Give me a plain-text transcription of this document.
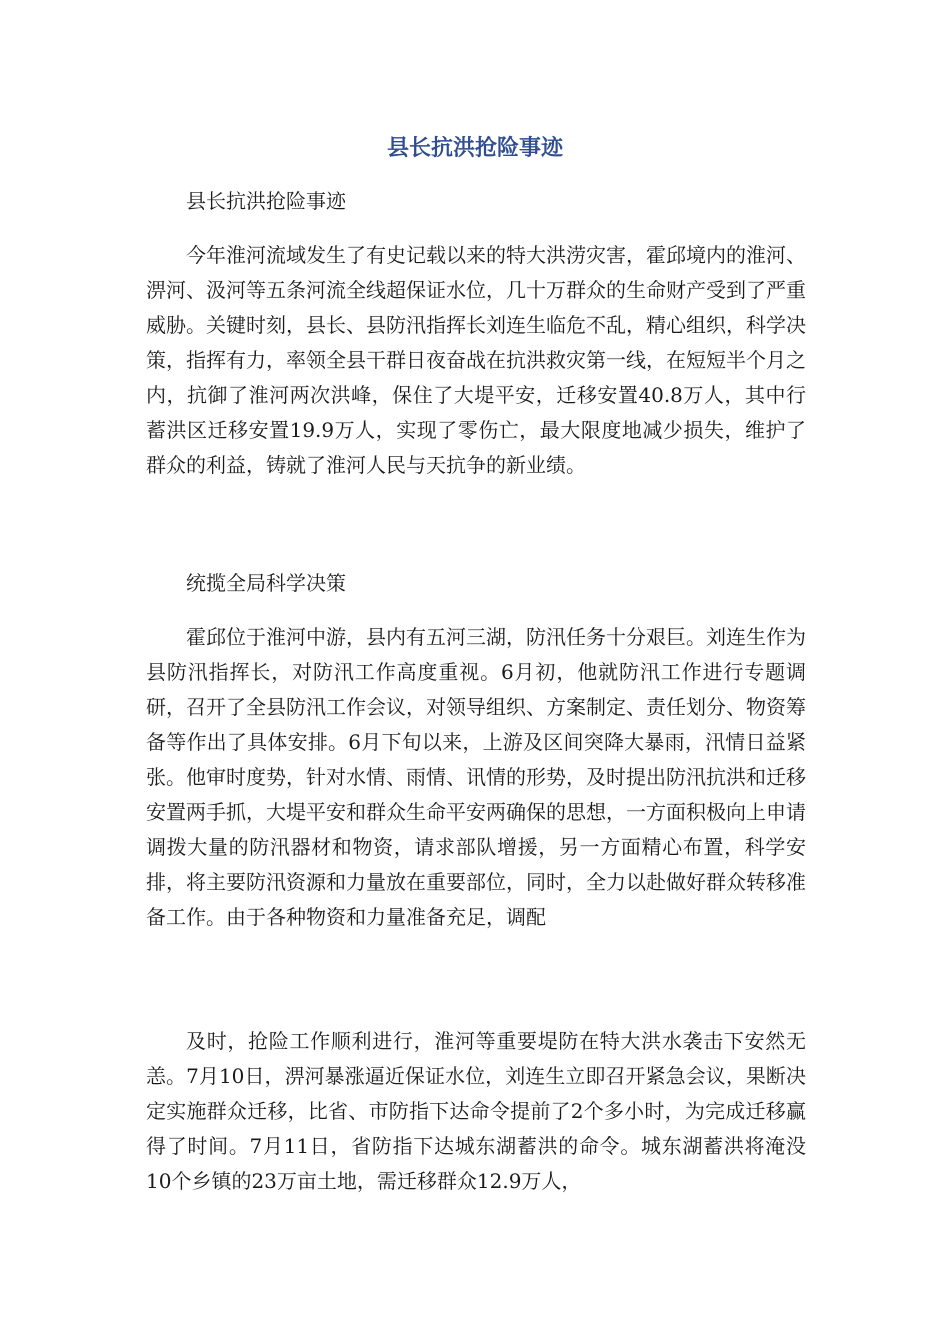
县长抗洪抢险事迹

县长抗洪抢险事迹

今年淮河流域发生了有史记载以来的特大洪涝灾害，霍邱境内的淮河、淠河、汲河等五条河流全线超保证水位，几十万群众的生命财产受到了严重威胁。关键时刻，县长、县防汛指挥长刘连生临危不乱，精心组织，科学决策，指挥有力，率领全县干群日夜奋战在抗洪救灾第一线，在短短半个月之内，抗御了淮河两次洪峰，保住了大堤平安，迁移安置40.8万人，其中行蓄洪区迁移安置19.9万人，实现了零伤亡，最大限度地减少损失，维护了群众的利益，铸就了淮河人民与天抗争的新业绩。

统揽全局科学决策

霍邱位于淮河中游，县内有五河三湖，防汛任务十分艰巨。刘连生作为县防汛指挥长，对防汛工作高度重视。6月初，他就防汛工作进行专题调研，召开了全县防汛工作会议，对领导组织、方案制定、责任划分、物资筹备等作出了具体安排。6月下旬以来，上游及区间突降大暴雨，汛情日益紧张。他审时度势，针对水情、雨情、讯情的形势，及时提出防汛抗洪和迁移安置两手抓，大堤平安和群众生命平安两确保的思想，一方面积极向上申请调拨大量的防汛器材和物资，请求部队增援，另一方面精心布置，科学安排，将主要防汛资源和力量放在重要部位，同时，全力以赴做好群众转移准备工作。由于各种物资和力量准备充足，调配

及时，抢险工作顺利进行，淮河等重要堤防在特大洪水袭击下安然无恙。7月10日，淠河暴涨逼近保证水位，刘连生立即召开紧急会议，果断决定实施群众迁移，比省、市防指下达命令提前了2个多小时，为完成迁移赢得了时间。7月11日，省防指下达城东湖蓄洪的命令。城东湖蓄洪将淹没10个乡镇的23万亩土地，需迁移群众12.9万人，
